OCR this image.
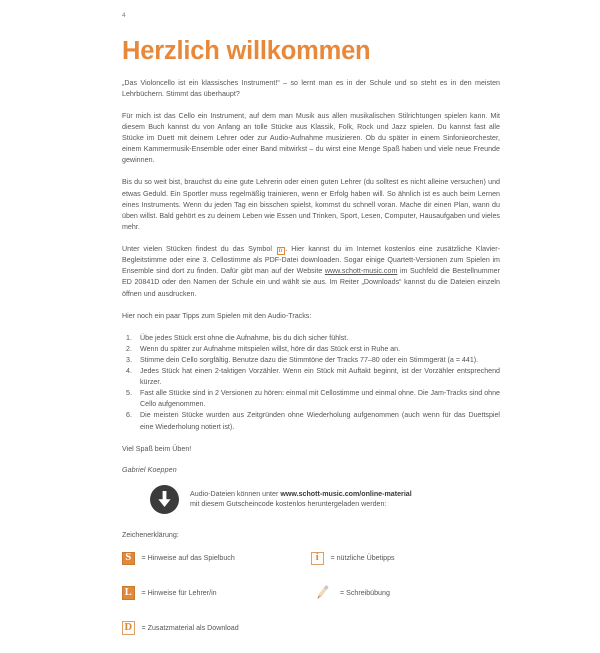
4
Herzlich willkommen

„Das Violoncello ist ein klassisches Instrument!“ – so lernt man es in der Schule und so steht es in den meisten Lehrbüchern. Stimmt das überhaupt?

Für mich ist das Cello ein Instrument, auf dem man Musik aus allen musikalischen Stilrichtungen spielen kann. Mit diesem Buch kannst du von Anfang an tolle Stücke aus Klassik, Folk, Rock und Jazz spielen. Du kannst fast alle Stücke im Duett mit deinem Lehrer oder zur Audio-Aufnahme musizieren. Ob du später in einem Sinfonieorchester, einem Kammermusik-Ensemble oder einer Band mitwirkst – du wirst eine Menge Spaß haben und viele neue Freunde gewinnen.

Bis du so weit bist, brauchst du eine gute Lehrerin oder einen guten Lehrer (du solltest es nicht alleine versuchen) und etwas Geduld. Ein Sportler muss regelmäßig trainieren, wenn er Erfolg haben will. So ähnlich ist es auch beim Lernen eines Instruments. Wenn du jeden Tag ein bisschen spielst, kommst du schnell voran. Mache dir einen Plan, wann du üben willst. Bald gehört es zu deinem Leben wie Essen und Trinken, Sport, Lesen, Computer, Hausaufgaben und vieles mehr.

Unter vielen Stücken findest du das Symbol D . Hier kannst du im Internet kostenlos eine zusätzliche Klavier-Begleitstimme oder eine 3. Cellostimme als PDF-Datei downloaden. Sogar einige Quartett-Versionen zum Spielen im Ensemble sind dort zu finden. Dafür gibt man auf der Website www.schott-music.com im Suchfeld die Bestellnummer ED 20841D oder den Namen der Schule ein und wählt sie aus. Im Reiter „Downloads“ kannst du die Dateien einzeln öffnen und ausdrucken.

Hier noch ein paar Tipps zum Spielen mit den Audio-Tracks:

1.	Übe jedes Stück erst ohne die Aufnahme, bis du dich sicher fühlst.
2.	Wenn du später zur Aufnahme mitspielen willst, höre dir das Stück erst in Ruhe an.
3.	Stimme dein Cello sorgfältig. Benutze dazu die Stimmtöne der Tracks 77–80 oder ein Stimmgerät (a = 441).
4.	Jedes Stück hat einen 2-taktigen Vorzähler. Wenn ein Stück mit Auftakt beginnt, ist der Vorzähler entsprechend kürzer.
5.	Fast alle Stücke sind in 2 Versionen zu hören: einmal mit Cellostimme und einmal ohne. Die Jam-Tracks sind ohne Cello aufgenommen.
6.	Die meisten Stücke wurden aus Zeitgründen ohne Wiederholung aufgenommen (auch wenn für das Duettspiel eine Wiederholung notiert ist).

Viel Spaß beim Üben!

Gabriel Koeppen
Audio-Dateien können unter www.schott-music.com/online-material
mit diesem Gutscheincode kostenlos heruntergeladen werden:
Zeichenerklärung:
S	= Hinweise auf das Spielbuch	i	= nützliche Übetipps
L	= Hinweise für Lehrer/in	= Schreibübung
D	= Zusatzmaterial als Download
